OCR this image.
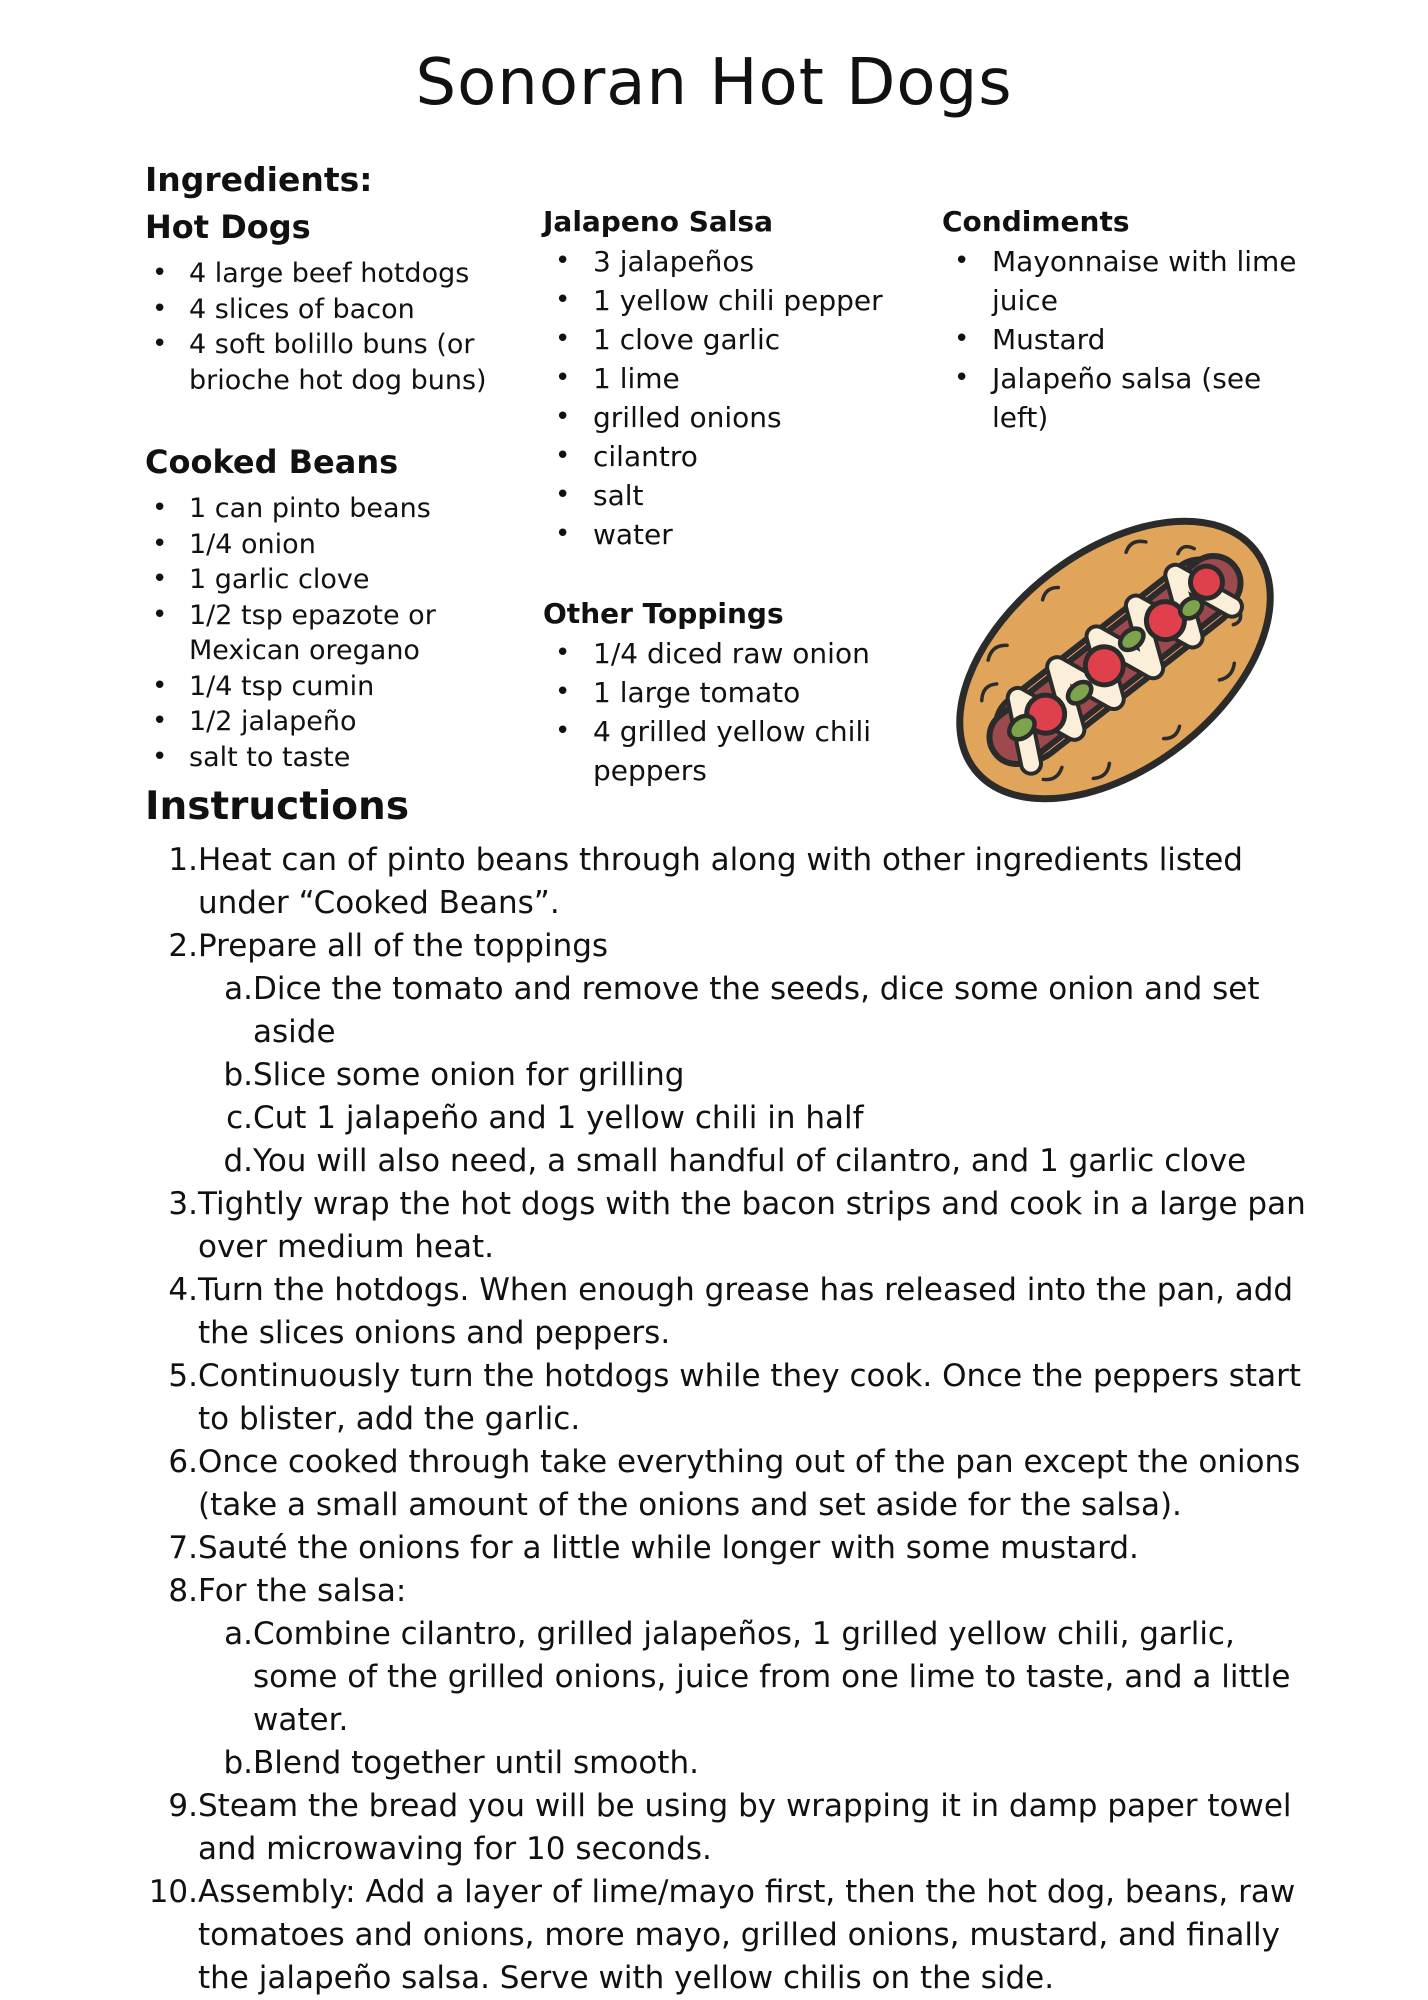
Sonoran Hot Dogs
Ingredients:
Hot Dogs
• 4 large beef hotdogs
• 4 slices of bacon
• 4 soft bolillo buns (or
brioche hot dog buns)
Cooked Beans
• 1 can pinto beans
• 1/4 onion
• 1 garlic clove
• 1/2 tsp epazote or
Mexican oregano
• 1/4 tsp cumin
• 1/2 jalapeño
• salt to taste
Jalapeno Salsa
• 3 jalapeños
• 1 yellow chili pepper
• 1 clove garlic
• 1 lime
• grilled onions
• cilantro
• salt
• water
Other Toppings
• 1/4 diced raw onion
• 1 large tomato
• 4 grilled yellow chili
peppers
Condiments
• Mayonnaise with lime
juice
• Mustard
• Jalapeño salsa (see
left)
Instructions
1. Heat can of pinto beans through along with other ingredients listed
under “Cooked Beans”.
2. Prepare all of the toppings
a. Dice the tomato and remove the seeds, dice some onion and set
aside
b. Slice some onion for grilling
c. Cut 1 jalapeño and 1 yellow chili in half
d. You will also need, a small handful of cilantro, and 1 garlic clove
3. Tightly wrap the hot dogs with the bacon strips and cook in a large pan
over medium heat.
4. Turn the hotdogs. When enough grease has released into the pan, add
the slices onions and peppers.
5. Continuously turn the hotdogs while they cook. Once the peppers start
to blister, add the garlic.
6. Once cooked through take everything out of the pan except the onions
(take a small amount of the onions and set aside for the salsa).
7. Sauté the onions for a little while longer with some mustard.
8. For the salsa:
a. Combine cilantro, grilled jalapeños, 1 grilled yellow chili, garlic,
some of the grilled onions, juice from one lime to taste, and a little
water.
b. Blend together until smooth.
9. Steam the bread you will be using by wrapping it in damp paper towel
and microwaving for 10 seconds.
10. Assembly: Add a layer of lime/mayo first, then the hot dog, beans, raw
tomatoes and onions, more mayo, grilled onions, mustard, and finally
the jalapeño salsa. Serve with yellow chilis on the side.
